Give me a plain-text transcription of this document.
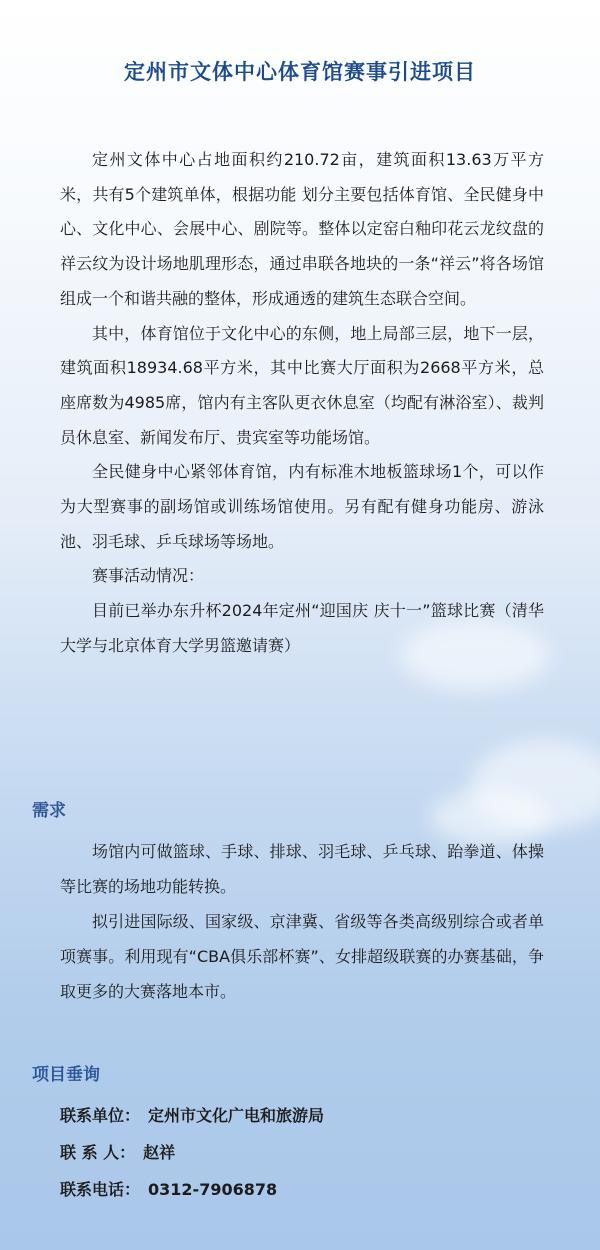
定州市文体中心体育馆赛事引进项目

定州文体中心占地面积约210.72亩，建筑面积13.63万平方米，共有5个建筑单体，根据功能 划分主要包括体育馆、全民健身中心、文化中心、会展中心、剧院等。整体以定窑白釉印花云龙纹盘的祥云纹为设计场地肌理形态，通过串联各地块的一条“祥云”将各场馆组成一个和谐共融的整体，形成通透的建筑生态联合空间。

其中，体育馆位于文化中心的东侧，地上局部三层，地下一层，建筑面积18934.68平方米，其中比赛大厅面积为2668平方米，总座席数为4985席，馆内有主客队更衣休息室（均配有淋浴室）、裁判员休息室、新闻发布厅、贵宾室等功能场馆。

全民健身中心紧邻体育馆，内有标准木地板篮球场1个，可以作为大型赛事的副场馆或训练场馆使用。另有配有健身功能房、游泳池、羽毛球、乒乓球场等场地。

赛事活动情况：

目前已举办东升杯2024年定州“迎国庆 庆十一”篮球比赛（清华大学与北京体育大学男篮邀请赛）

需求

场馆内可做篮球、手球、排球、羽毛球、乒乓球、跆拳道、体操等比赛的场地功能转换。

拟引进国际级、国家级、京津冀、省级等各类高级别综合或者单项赛事。利用现有“CBA俱乐部杯赛”、女排超级联赛的办赛基础，争取更多的大赛落地本市。

项目垂询
联系单位： 定州市文化广电和旅游局
联 系 人： 赵祥
联系电话： 0312-7906878
